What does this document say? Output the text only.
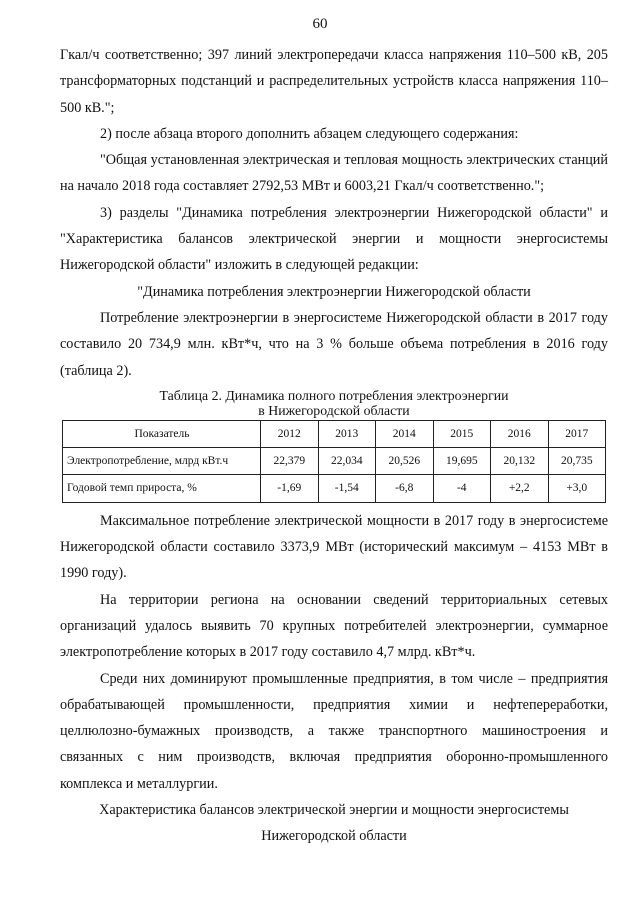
60

Гкал/ч соответственно; 397 линий электропередачи класса напряжения 110–500 кВ, 205 трансформаторных подстанций и распределительных устройств класса напряжения 110–500 кВ.";

2) после абзаца второго дополнить абзацем следующего содержания:

"Общая установленная электрическая и тепловая мощность электрических станций на начало 2018 года составляет 2792,53 МВт и 6003,21 Гкал/ч соответственно.";

3) разделы "Динамика потребления электроэнергии Нижегородской области" и "Характеристика балансов электрической энергии и мощности энергосистемы Нижегородской области" изложить в следующей редакции:

"Динамика потребления электроэнергии Нижегородской области

Потребление электроэнергии в энергосистеме Нижегородской области в 2017 году составило 20 734,9 млн. кВт*ч, что на 3 % больше объема потребления в 2016 году (таблица 2).

Таблица 2. Динамика полного потребления электроэнергии
в Нижегородской области
Показатель	2012	2013	2014	2015	2016	2017
Электропотребление, млрд кВт.ч	22,379	22,034	20,526	19,695	20,132	20,735
Годовой темп прироста, %	-1,69	-1,54	-6,8	-4	+2,2	+3,0

Максимальное потребление электрической мощности в 2017 году в энергосистеме Нижегородской области составило 3373,9 МВт (исторический максимум – 4153 МВт в 1990 году).

На территории региона на основании сведений территориальных сетевых организаций удалось выявить 70 крупных потребителей электроэнергии, суммарное электропотребление которых в 2017 году составило 4,7 млрд. кВт*ч.

Среди них доминируют промышленные предприятия, в том числе – предприятия обрабатывающей промышленности, предприятия химии и нефтепереработки, целлюлозно-бумажных производств, а также транспортного машиностроения и связанных с ним производств, включая предприятия оборонно-промышленного комплекса и металлургии.

Характеристика балансов электрической энергии и мощности энергосистемы

Нижегородской области
